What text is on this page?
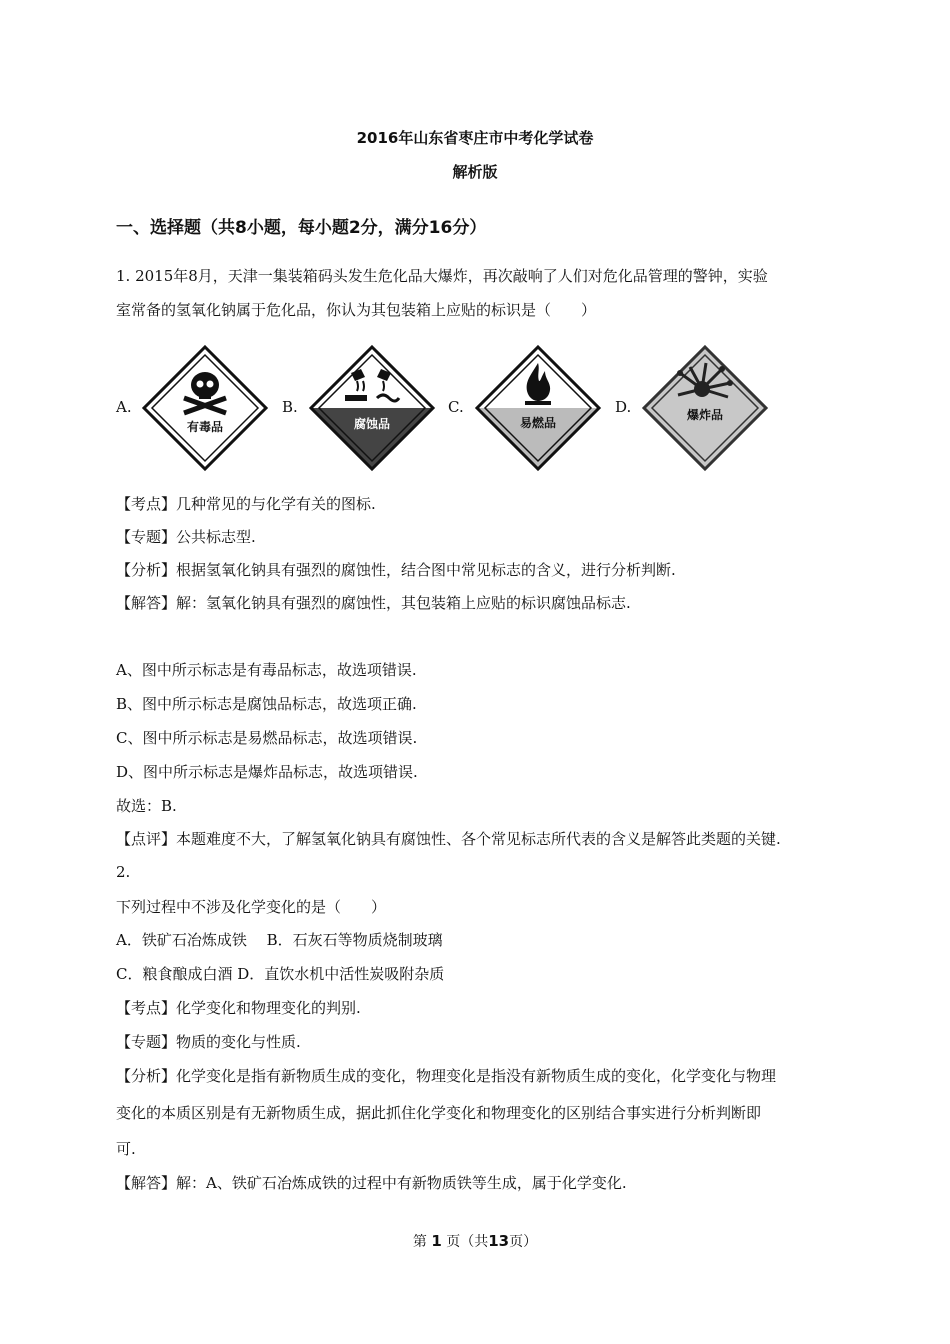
2016年山东省枣庄市中考化学试卷
解析版
一、选择题（共8小题，每小题2分，满分16分）
1. 2015年8月，天津一集装箱码头发生危化品大爆炸，再次敲响了人们对危化品管理的警钟，实验
室常备的氢氧化钠属于危化品，你认为其包装箱上应贴的标识是（　　）
A.	B.	C.	D.
有毒品	腐蚀品	易燃品
爆炸品
【考点】几种常见的与化学有关的图标.
【专题】公共标志型.
【分析】根据氢氧化钠具有强烈的腐蚀性，结合图中常见标志的含义，进行分析判断.
【解答】解：氢氧化钠具有强烈的腐蚀性，其包装箱上应贴的标识腐蚀品标志.
A、图中所示标志是有毒品标志，故选项错误.
B、图中所示标志是腐蚀品标志，故选项正确.
C、图中所示标志是易燃品标志，故选项错误.
D、图中所示标志是爆炸品标志，故选项错误.
故选：B.
【点评】本题难度不大，了解氢氧化钠具有腐蚀性、各个常见标志所代表的含义是解答此类题的关键.
2.
下列过程中不涉及化学变化的是（　　）
A．铁矿石冶炼成铁　 B．石灰石等物质烧制玻璃
C．粮食酿成白酒 D．直饮水机中活性炭吸附杂质
【考点】化学变化和物理变化的判别.
【专题】物质的变化与性质.
【分析】化学变化是指有新物质生成的变化，物理变化是指没有新物质生成的变化，化学变化与物理
变化的本质区别是有无新物质生成，据此抓住化学变化和物理变化的区别结合事实进行分析判断即
可.
【解答】解：A、铁矿石冶炼成铁的过程中有新物质铁等生成，属于化学变化.
第 1 页（共13页）
